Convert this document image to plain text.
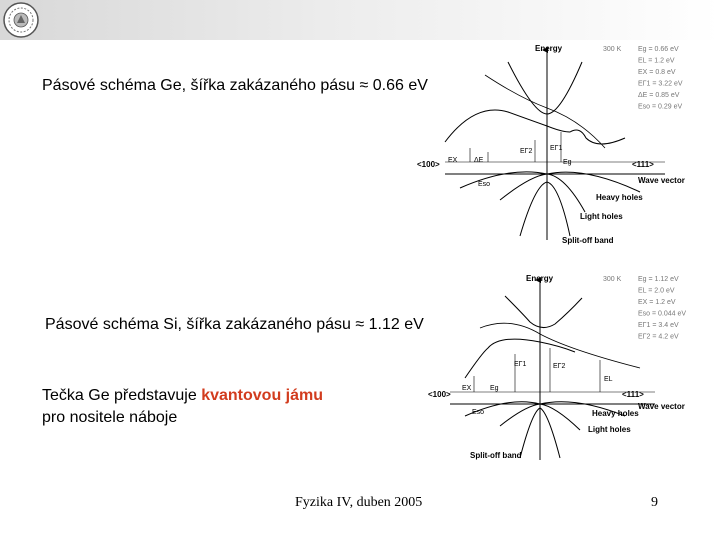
Pásové schéma Ge, šířka zakázaného pásu ≈ 0.66 eV
Pásové schéma Si, šířka zakázaného pásu ≈ 1.12 eV
Tečka Ge představuje kvantovou jámu
pro nositele náboje
Energy	300 K Eg = 0.66 eV
EL = 1.2 eV
EX = 0.8 eV
EΓ1 = 3.22 eV
ΔE = 0.85 eV
Eso = 0.29 eV
<100>	<111>
Wave vector
Heavy holes
Light holes
Split-off band
EX ΔE
EΓ2	EΓ1
Eg
Eso
Energy	300 K Eg = 1.12 eV
EL = 2.0 eV
EX = 1.2 eV
Eso = 0.044 eV
EΓ1 = 3.4 eV
EΓ2 = 4.2 eV
<100>	<111>
Wave vector
Heavy holes
Light holes
Split-off band
EX	Eg
EΓ1	EΓ2
EL
Eso
Fyzika IV, duben 2005	9
